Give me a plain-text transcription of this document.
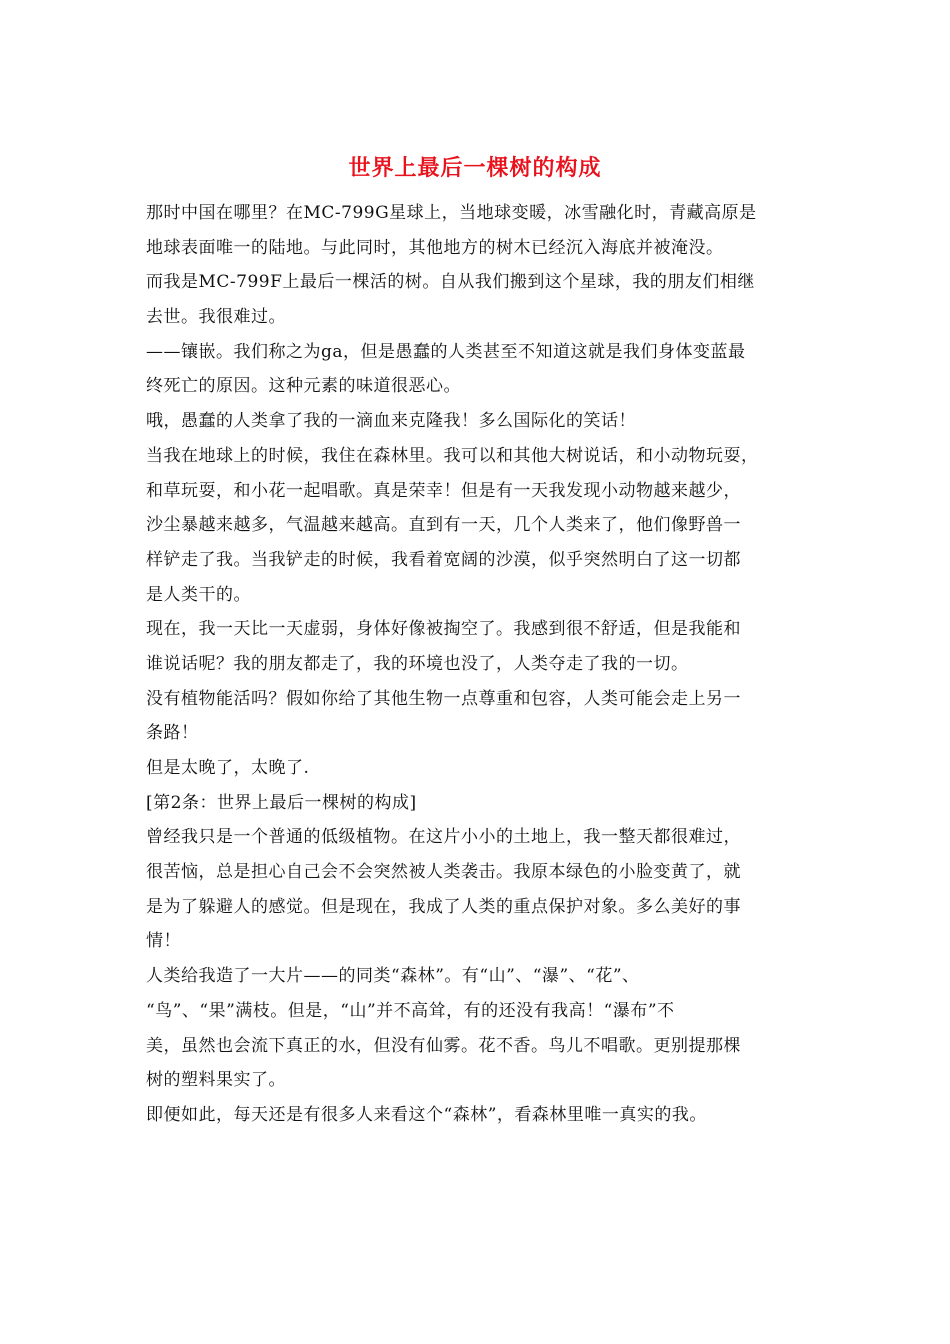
世界上最后一棵树的构成
那时中国在哪里？在MC-799G星球上，当地球变暖，冰雪融化时，青藏高原是
地球表面唯一的陆地。与此同时，其他地方的树木已经沉入海底并被淹没。
而我是MC-799F上最后一棵活的树。自从我们搬到这个星球，我的朋友们相继
去世。我很难过。
——镶嵌。我们称之为ga，但是愚蠢的人类甚至不知道这就是我们身体变蓝最
终死亡的原因。这种元素的味道很恶心。
哦，愚蠢的人类拿了我的一滴血来克隆我！多么国际化的笑话！
当我在地球上的时候，我住在森林里。我可以和其他大树说话，和小动物玩耍，
和草玩耍，和小花一起唱歌。真是荣幸！但是有一天我发现小动物越来越少，
沙尘暴越来越多，气温越来越高。直到有一天，几个人类来了，他们像野兽一
样铲走了我。当我铲走的时候，我看着宽阔的沙漠，似乎突然明白了这一切都
是人类干的。
现在，我一天比一天虚弱，身体好像被掏空了。我感到很不舒适，但是我能和
谁说话呢？我的朋友都走了，我的环境也没了，人类夺走了我的一切。
没有植物能活吗？假如你给了其他生物一点尊重和包容，人类可能会走上另一
条路！
但是太晚了，太晚了.
[第2条：世界上最后一棵树的构成]
曾经我只是一个普通的低级植物。在这片小小的土地上，我一整天都很难过，
很苦恼，总是担心自己会不会突然被人类袭击。我原本绿色的小脸变黄了，就
是为了躲避人的感觉。但是现在，我成了人类的重点保护对象。多么美好的事
情！
人类给我造了一大片——的同类“森林”。有“山”、“瀑”、“花”、
“鸟”、“果”满枝。但是，“山”并不高耸，有的还没有我高！“瀑布”不
美，虽然也会流下真正的水，但没有仙雾。花不香。鸟儿不唱歌。更别提那棵
树的塑料果实了。
即便如此，每天还是有很多人来看这个“森林”，看森林里唯一真实的我。
